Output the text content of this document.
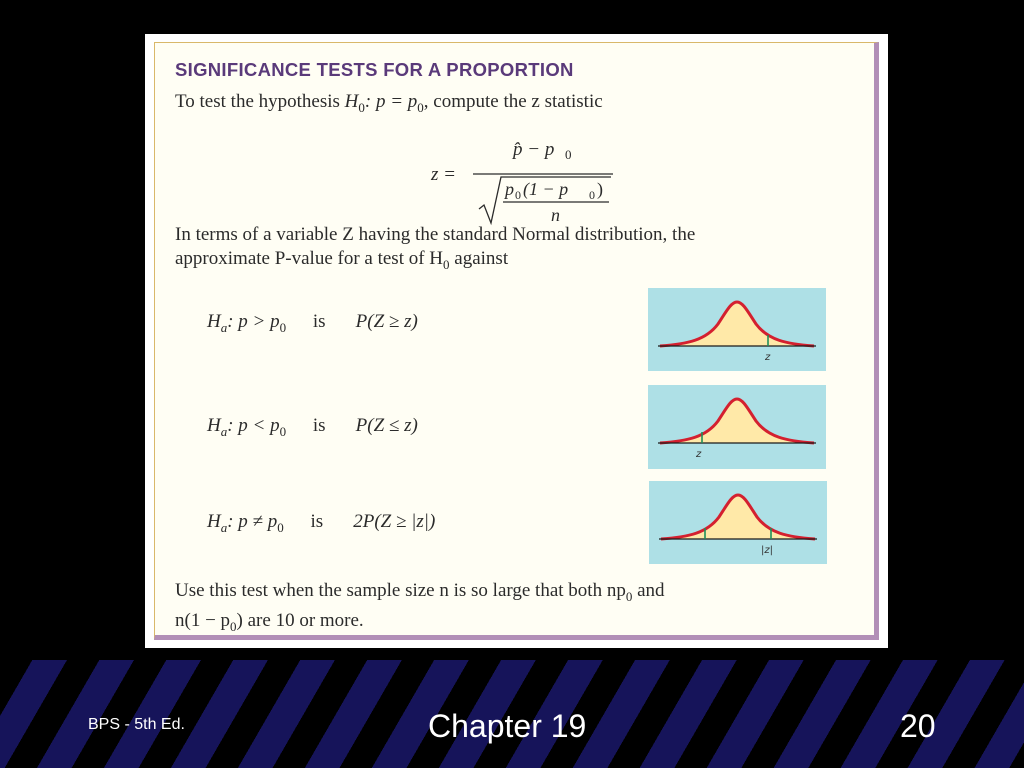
SIGNIFICANCE TESTS FOR A PROPORTION
To test the hypothesis $H_0$: $p = p_0$, compute the z statistic
z =
p̂ − p 0
p 0 (1 − p 0 )
n
In terms of a variable Z having the standard Normal distribution, the
approximate P-value for a test of $H_0$ against
$H_a$: $p > p_0$ is P(Z ≥ z)
z
$H_a$: $p < p_0$ is P(Z ≤ z)
z
$H_a$: $p \ne p_0$ is 2P(Z ≥ |z|)
|z|
Use this test when the sample size n is so large that both $np_0$ and
$n(1 - p_0)$ are 10 or more.
BPS - 5th Ed.	Chapter 19	20
